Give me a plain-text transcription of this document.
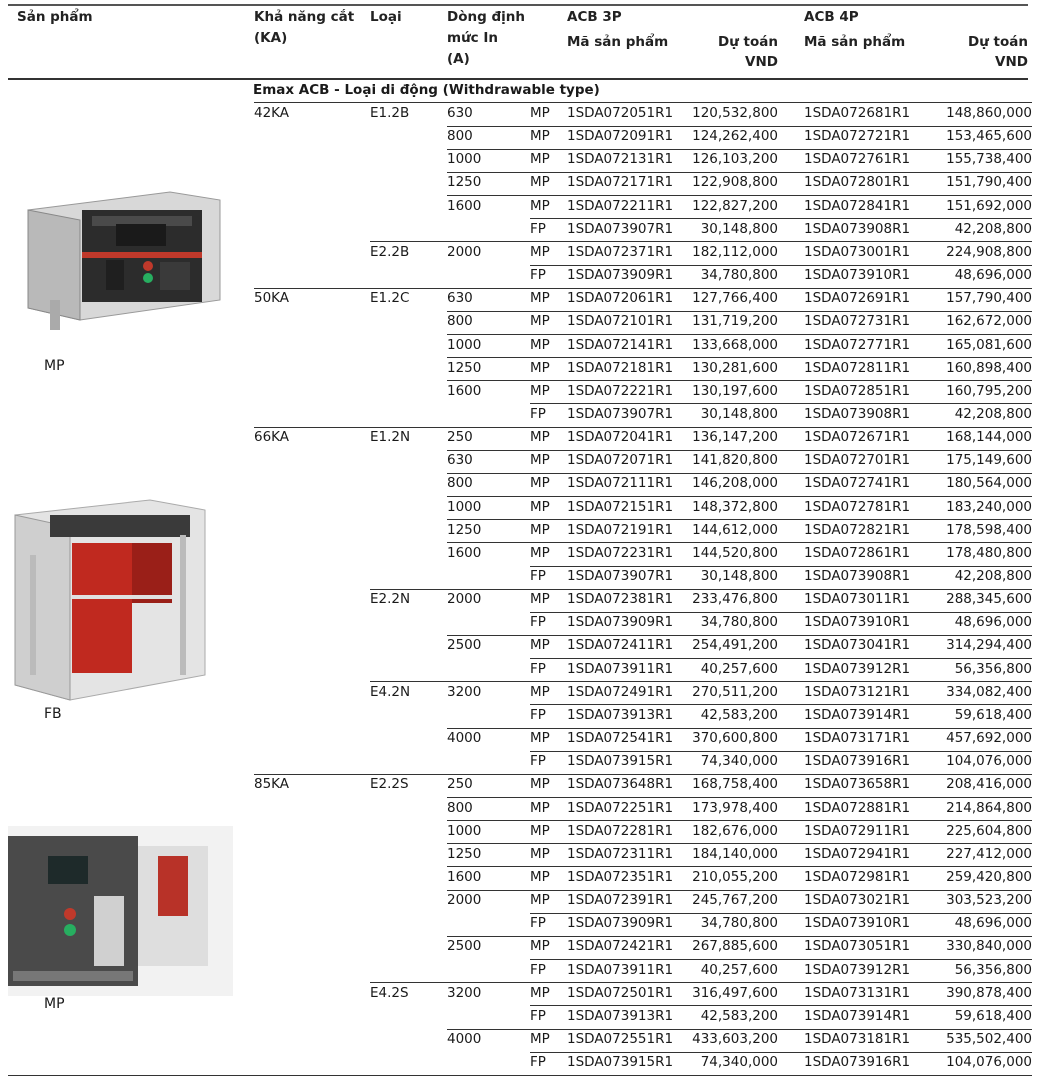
Sản phẩm	Khả năng cắt
(KA)
Loại	Dòng định
mức In
(A)
ACB 3P
Mã sản phẩm	Dự toán
VND
ACB 4P
Mã sản phẩm	Dự toán
VND
Emax ACB - Loại di động (Withdrawable type)
MP
FB
MP
42KA	E1.2B	630	MP	1SDA072051R1	120,532,800 1SDA072681R1	148,860,000
800	MP	1SDA072091R1	124,262,400 1SDA072721R1	153,465,600
1000	MP	1SDA072131R1	126,103,200 1SDA072761R1	155,738,400
1250	MP	1SDA072171R1	122,908,800 1SDA072801R1	151,790,400
1600	MP	1SDA072211R1	122,827,200 1SDA072841R1	151,692,000
FP	1SDA073907R1	30,148,800 1SDA073908R1	42,208,800
E2.2B	2000	MP	1SDA072371R1	182,112,000 1SDA073001R1	224,908,800
FP	1SDA073909R1	34,780,800 1SDA073910R1	48,696,000
50KA	E1.2C	630	MP	1SDA072061R1	127,766,400 1SDA072691R1	157,790,400
800	MP	1SDA072101R1	131,719,200 1SDA072731R1	162,672,000
1000	MP	1SDA072141R1	133,668,000 1SDA072771R1	165,081,600
1250	MP	1SDA072181R1	130,281,600 1SDA072811R1	160,898,400
1600	MP	1SDA072221R1	130,197,600 1SDA072851R1	160,795,200
FP	1SDA073907R1	30,148,800 1SDA073908R1	42,208,800
66KA	E1.2N	250	MP	1SDA072041R1	136,147,200 1SDA072671R1	168,144,000
630	MP	1SDA072071R1	141,820,800 1SDA072701R1	175,149,600
800	MP	1SDA072111R1	146,208,000 1SDA072741R1	180,564,000
1000	MP	1SDA072151R1	148,372,800 1SDA072781R1	183,240,000
1250	MP	1SDA072191R1	144,612,000 1SDA072821R1	178,598,400
1600	MP	1SDA072231R1	144,520,800 1SDA072861R1	178,480,800
FP	1SDA073907R1	30,148,800 1SDA073908R1	42,208,800
E2.2N	2000	MP	1SDA072381R1	233,476,800 1SDA073011R1	288,345,600
FP	1SDA073909R1	34,780,800 1SDA073910R1	48,696,000
2500	MP	1SDA072411R1	254,491,200 1SDA073041R1	314,294,400
FP	1SDA073911R1	40,257,600 1SDA073912R1	56,356,800
E4.2N	3200	MP	1SDA072491R1	270,511,200 1SDA073121R1	334,082,400
FP	1SDA073913R1	42,583,200 1SDA073914R1	59,618,400
4000	MP	1SDA072541R1	370,600,800 1SDA073171R1	457,692,000
FP	1SDA073915R1	74,340,000 1SDA073916R1	104,076,000
85KA	E2.2S	250	MP	1SDA073648R1	168,758,400 1SDA073658R1	208,416,000
800	MP	1SDA072251R1	173,978,400 1SDA072881R1	214,864,800
1000	MP	1SDA072281R1	182,676,000 1SDA072911R1	225,604,800
1250	MP	1SDA072311R1	184,140,000 1SDA072941R1	227,412,000
1600	MP	1SDA072351R1	210,055,200 1SDA072981R1	259,420,800
2000	MP	1SDA072391R1	245,767,200 1SDA073021R1	303,523,200
FP	1SDA073909R1	34,780,800 1SDA073910R1	48,696,000
2500	MP	1SDA072421R1	267,885,600 1SDA073051R1	330,840,000
FP	1SDA073911R1	40,257,600 1SDA073912R1	56,356,800
E4.2S	3200	MP	1SDA072501R1	316,497,600 1SDA073131R1	390,878,400
FP	1SDA073913R1	42,583,200 1SDA073914R1	59,618,400
4000	MP	1SDA072551R1	433,603,200 1SDA073181R1	535,502,400
FP	1SDA073915R1	74,340,000 1SDA073916R1	104,076,000
